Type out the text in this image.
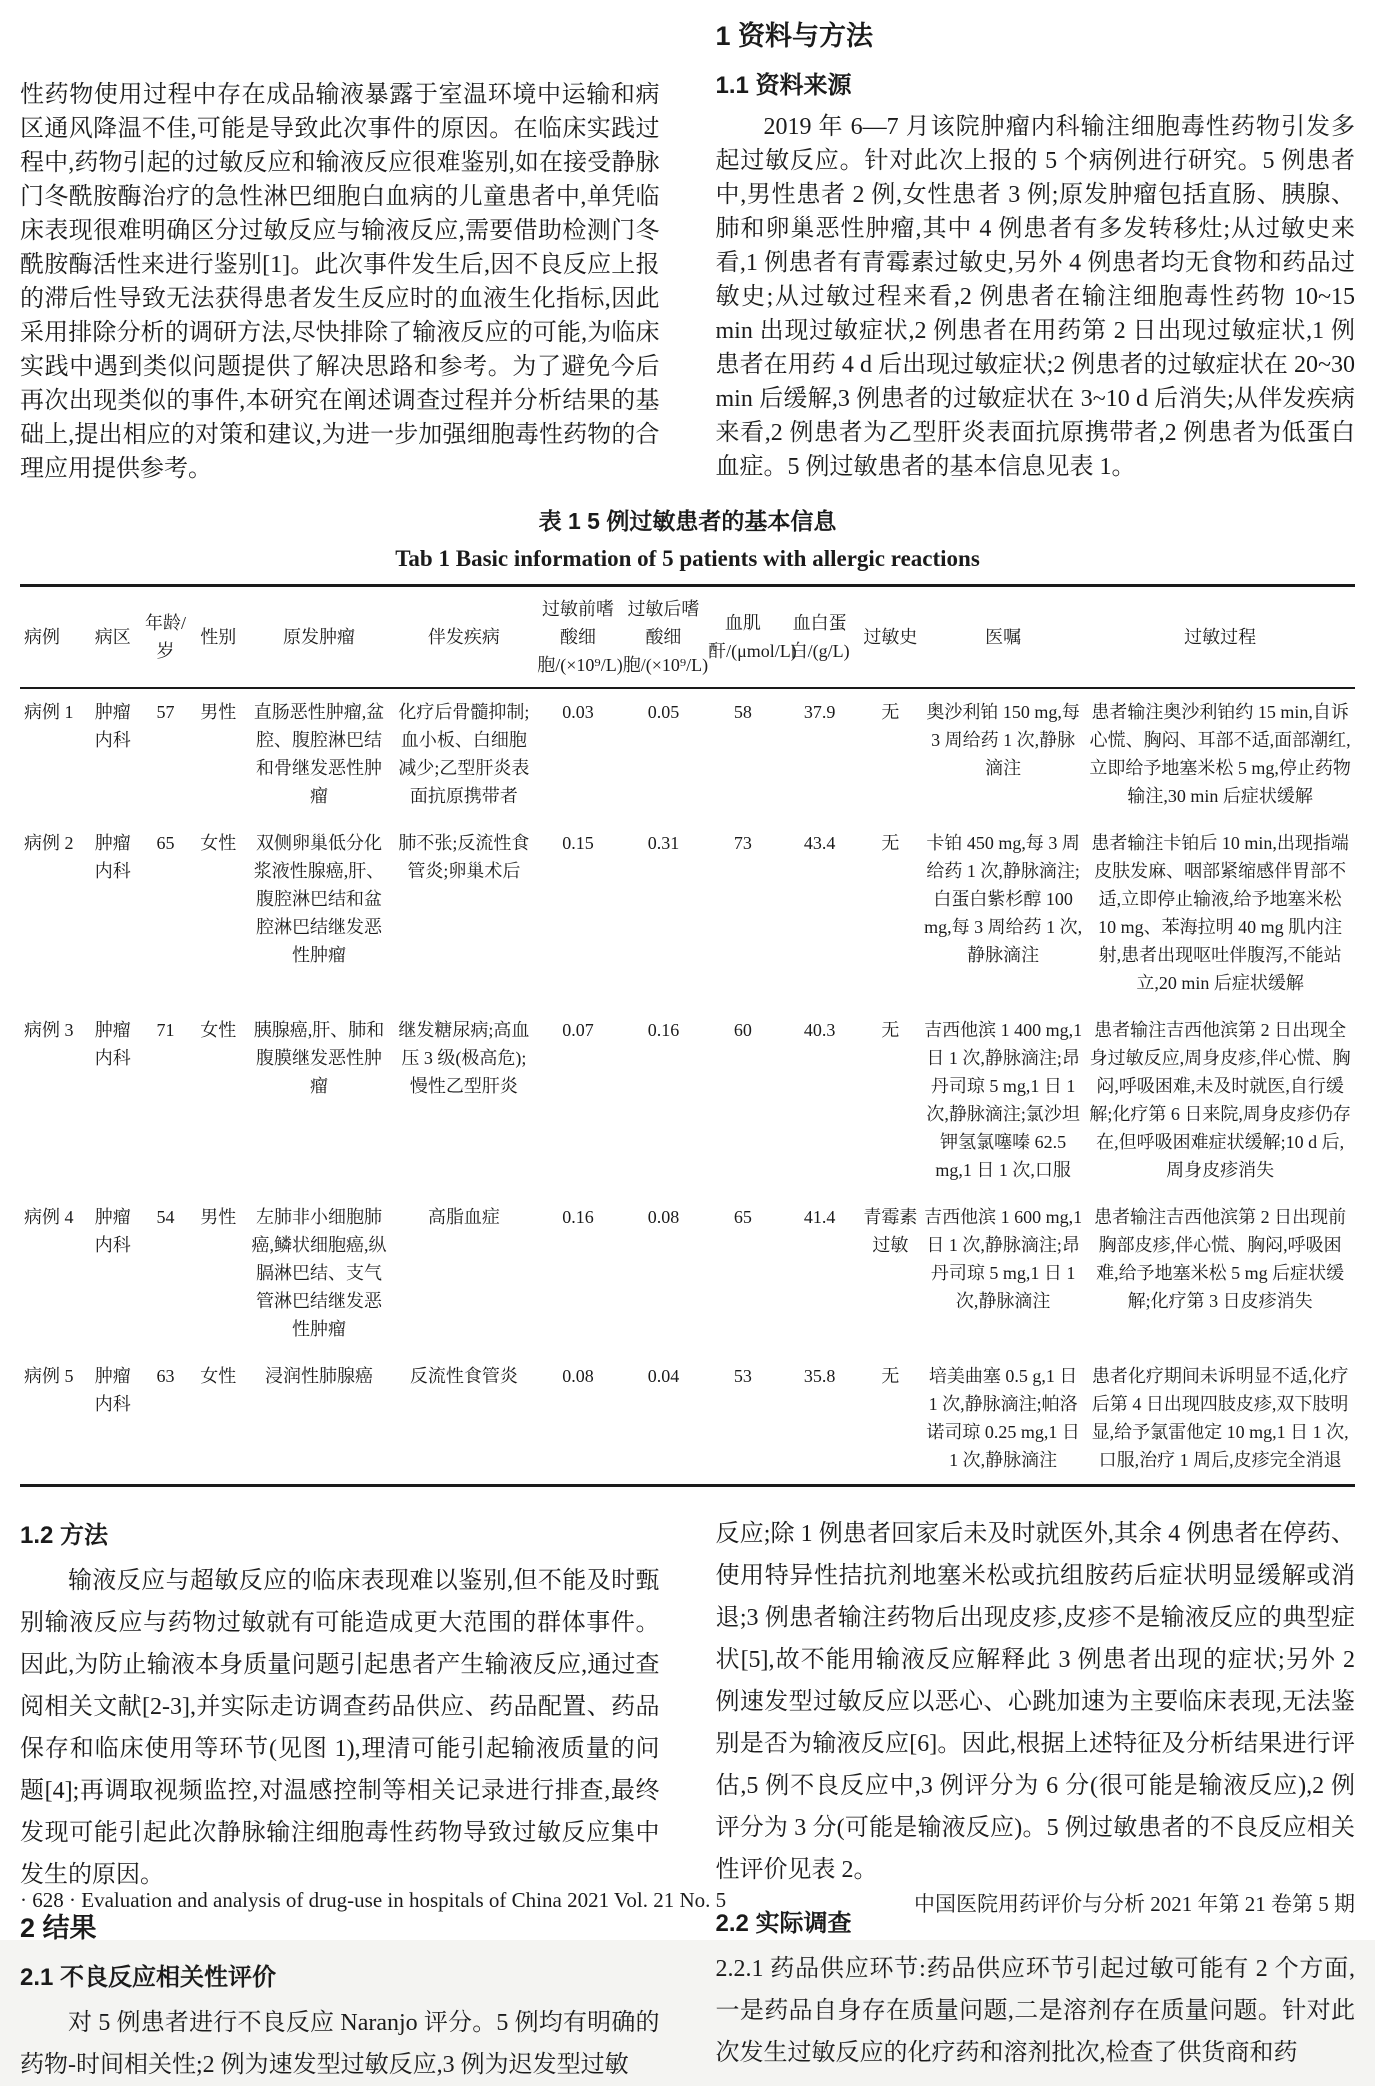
性药物使用过程中存在成品输液暴露于室温环境中运输和病区通风降温不佳,可能是导致此次事件的原因。在临床实践过程中,药物引起的过敏反应和输液反应很难鉴别,如在接受静脉门冬酰胺酶治疗的急性淋巴细胞白血病的儿童患者中,单凭临床表现很难明确区分过敏反应与输液反应,需要借助检测门冬酰胺酶活性来进行鉴别[1]。此次事件发生后,因不良反应上报的滞后性导致无法获得患者发生反应时的血液生化指标,因此采用排除分析的调研方法,尽快排除了输液反应的可能,为临床实践中遇到类似问题提供了解决思路和参考。为了避免今后再次出现类似的事件,本研究在阐述调查过程并分析结果的基础上,提出相应的对策和建议,为进一步加强细胞毒性药物的合理应用提供参考。

1 资料与方法
1.1 资料来源

2019 年 6—7 月该院肿瘤内科输注细胞毒性药物引发多起过敏反应。针对此次上报的 5 个病例进行研究。5 例患者中,男性患者 2 例,女性患者 3 例;原发肿瘤包括直肠、胰腺、肺和卵巢恶性肿瘤,其中 4 例患者有多发转移灶;从过敏史来看,1 例患者有青霉素过敏史,另外 4 例患者均无食物和药品过敏史;从过敏过程来看,2 例患者在输注细胞毒性药物 10~15 min 出现过敏症状,2 例患者在用药第 2 日出现过敏症状,1 例患者在用药 4 d 后出现过敏症状;2 例患者的过敏症状在 20~30 min 后缓解,3 例患者的过敏症状在 3~10 d 后消失;从伴发疾病来看,2 例患者为乙型肝炎表面抗原携带者,2 例患者为低蛋白血症。5 例过敏患者的基本信息见表 1。

表 1 5 例过敏患者的基本信息
Tab 1 Basic information of 5 patients with allergic reactions
病例	病区	年龄/岁	性别	原发肿瘤	伴发疾病	过敏前嗜酸细胞/(×10⁹/L)	过敏后嗜酸细胞/(×10⁹/L)	血肌酐/(μmol/L)	血白蛋白/(g/L)	过敏史	医嘱	过敏过程
病例 1	肿瘤内科	57	男性	直肠恶性肿瘤,盆腔、腹腔淋巴结和骨继发恶性肿瘤	化疗后骨髓抑制;血小板、白细胞减少;乙型肝炎表面抗原携带者	0.03	0.05	58	37.9	无	奥沙利铂 150 mg,每 3 周给药 1 次,静脉滴注	患者输注奥沙利铂约 15 min,自诉心慌、胸闷、耳部不适,面部潮红,立即给予地塞米松 5 mg,停止药物输注,30 min 后症状缓解
病例 2	肿瘤内科	65	女性	双侧卵巢低分化浆液性腺癌,肝、腹腔淋巴结和盆腔淋巴结继发恶性肿瘤	肺不张;反流性食管炎;卵巢术后	0.15	0.31	73	43.4	无	卡铂 450 mg,每 3 周给药 1 次,静脉滴注;白蛋白紫杉醇 100 mg,每 3 周给药 1 次,静脉滴注	患者输注卡铂后 10 min,出现指端皮肤发麻、咽部紧缩感伴胃部不适,立即停止输液,给予地塞米松 10 mg、苯海拉明 40 mg 肌内注射,患者出现呕吐伴腹泻,不能站立,20 min 后症状缓解
病例 3	肿瘤内科	71	女性	胰腺癌,肝、肺和腹膜继发恶性肿瘤	继发糖尿病;高血压 3 级(极高危);慢性乙型肝炎	0.07	0.16	60	40.3	无	吉西他滨 1 400 mg,1 日 1 次,静脉滴注;昂丹司琼 5 mg,1 日 1 次,静脉滴注;氯沙坦钾氢氯噻嗪 62.5 mg,1 日 1 次,口服	患者输注吉西他滨第 2 日出现全身过敏反应,周身皮疹,伴心慌、胸闷,呼吸困难,未及时就医,自行缓解;化疗第 6 日来院,周身皮疹仍存在,但呼吸困难症状缓解;10 d 后,周身皮疹消失
病例 4	肿瘤内科	54	男性	左肺非小细胞肺癌,鳞状细胞癌,纵膈淋巴结、支气管淋巴结继发恶性肿瘤	高脂血症	0.16	0.08	65	41.4	青霉素过敏	吉西他滨 1 600 mg,1 日 1 次,静脉滴注;昂丹司琼 5 mg,1 日 1 次,静脉滴注	患者输注吉西他滨第 2 日出现前胸部皮疹,伴心慌、胸闷,呼吸困难,给予地塞米松 5 mg 后症状缓解;化疗第 3 日皮疹消失
病例 5	肿瘤内科	63	女性	浸润性肺腺癌	反流性食管炎	0.08	0.04	53	35.8	无	培美曲塞 0.5 g,1 日 1 次,静脉滴注;帕洛诺司琼 0.25 mg,1 日 1 次,静脉滴注	患者化疗期间未诉明显不适,化疗后第 4 日出现四肢皮疹,双下肢明显,给予氯雷他定 10 mg,1 日 1 次,口服,治疗 1 周后,皮疹完全消退
1.2 方法

输液反应与超敏反应的临床表现难以鉴别,但不能及时甄别输液反应与药物过敏就有可能造成更大范围的群体事件。因此,为防止输液本身质量问题引起患者产生输液反应,通过查阅相关文献[2-3],并实际走访调查药品供应、药品配置、药品保存和临床使用等环节(见图 1),理清可能引起输液质量的问题[4];再调取视频监控,对温感控制等相关记录进行排查,最终发现可能引起此次静脉输注细胞毒性药物导致过敏反应集中发生的原因。

2 结果
2.1 不良反应相关性评价

对 5 例患者进行不良反应 Naranjo 评分。5 例均有明确的药物-时间相关性;2 例为速发型过敏反应,3 例为迟发型过敏

反应;除 1 例患者回家后未及时就医外,其余 4 例患者在停药、使用特异性拮抗剂地塞米松或抗组胺药后症状明显缓解或消退;3 例患者输注药物后出现皮疹,皮疹不是输液反应的典型症状[5],故不能用输液反应解释此 3 例患者出现的症状;另外 2 例速发型过敏反应以恶心、心跳加速为主要临床表现,无法鉴别是否为输液反应[6]。因此,根据上述特征及分析结果进行评估,5 例不良反应中,3 例评分为 6 分(很可能是输液反应),2 例评分为 3 分(可能是输液反应)。5 例过敏患者的不良反应相关性评价见表 2。

2.2 实际调查

2.2.1 药品供应环节:药品供应环节引起过敏可能有 2 个方面,一是药品自身存在质量问题,二是溶剂存在质量问题。针对此次发生过敏反应的化疗药和溶剂批次,检查了供货商和药

· 628 · Evaluation and analysis of drug-use in hospitals of China 2021 Vol. 21 No. 5	中国医院用药评价与分析 2021 年第 21 卷第 5 期
